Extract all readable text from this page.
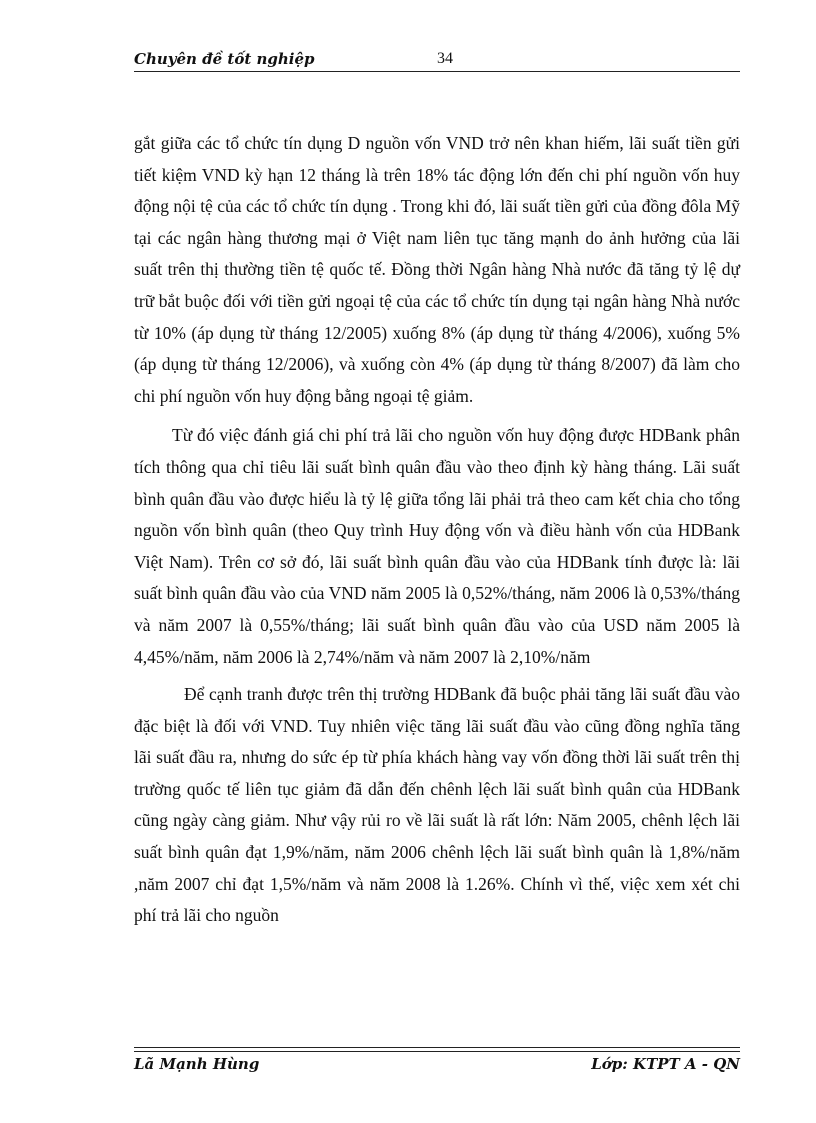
Chuyên đề tốt nghiệp	34

gắt giữa các tổ chức tín dụng D nguồn vốn VND trở nên khan hiếm, lãi suất tiền gửi tiết kiệm VND kỳ hạn 12 tháng là trên 18% tác động lớn đến chi phí nguồn vốn huy động nội tệ của các tổ chức tín dụng . Trong khi đó, lãi suất tiền gửi của đồng đôla Mỹ tại các ngân hàng thương mại ở Việt nam liên tục tăng mạnh do ảnh hưởng của lãi suất trên thị thường tiền tệ quốc tế. Đồng thời Ngân hàng Nhà nước đã tăng tỷ lệ dự trữ bắt buộc đối với tiền gửi ngoại tệ của các tổ chức tín dụng tại ngân hàng Nhà nước từ 10% (áp dụng từ tháng 12/2005) xuống 8% (áp dụng từ tháng 4/2006), xuống 5% (áp dụng từ tháng 12/2006), và xuống còn 4% (áp dụng từ tháng 8/2007) đã làm cho chi phí nguồn vốn huy động bằng ngoại tệ giảm.

Từ đó việc đánh giá chi phí trả lãi cho nguồn vốn huy động được HDBank phân tích thông qua chỉ tiêu lãi suất bình quân đầu vào theo định kỳ hàng tháng. Lãi suất bình quân đầu vào được hiểu là tỷ lệ giữa tổng lãi phải trả theo cam kết chia cho tổng nguồn vốn bình quân (theo Quy trình Huy động vốn và điều hành vốn của HDBank Việt Nam). Trên cơ sở đó, lãi suất bình quân đầu vào của HDBank tính được là: lãi suất bình quân đầu vào của VND năm 2005 là 0,52%/tháng, năm 2006 là 0,53%/tháng và năm 2007 là 0,55%/tháng; lãi suất bình quân đầu vào của USD năm 2005 là 4,45%/năm, năm 2006 là 2,74%/năm và năm 2007 là 2,10%/năm

Để cạnh tranh được trên thị trường HDBank đã buộc phải tăng lãi suất đầu vào đặc biệt là đối với VND. Tuy nhiên việc tăng lãi suất đầu vào cũng đồng nghĩa tăng lãi suất đầu ra, nhưng do sức ép từ phía khách hàng vay vốn đồng thời lãi suất trên thị trường quốc tế liên tục giảm đã dẫn đến chênh lệch lãi suất bình quân của HDBank cũng ngày càng giảm. Như vậy rủi ro về lãi suất là rất lớn: Năm 2005, chênh lệch lãi suất bình quân đạt 1,9%/năm, năm 2006 chênh lệch lãi suất bình quân là 1,8%/năm ,năm 2007 chỉ đạt 1,5%/năm và năm 2008 là 1.26%. Chính vì thế, việc xem xét chi phí trả lãi cho nguồn

Lã Mạnh Hùng	Lớp: KTPT A - QN
